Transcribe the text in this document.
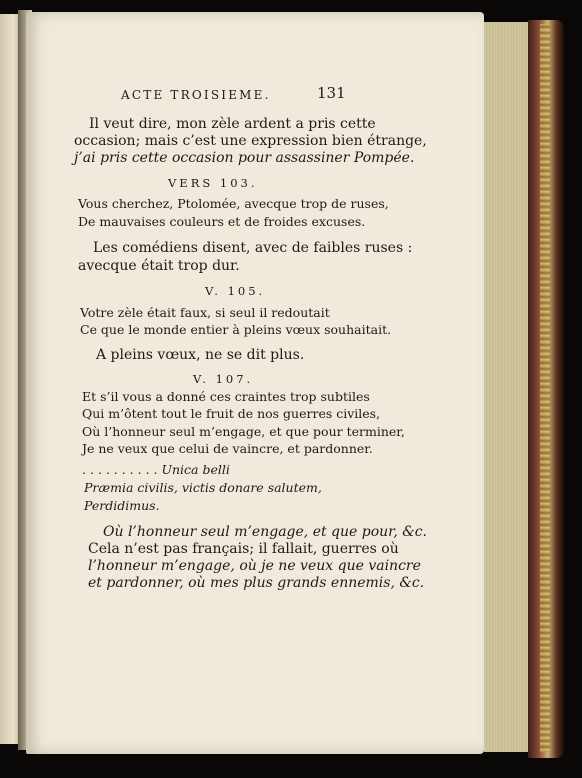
ACTE TROISIEME.	131
Il veut dire, mon zèle ardent a pris cette
occasion; mais c’est une expression bien étrange,
j’ai pris cette occasion pour assassiner Pompée.
VERS 103.
Vous cherchez, Ptolomée, avecque trop de ruses,
De mauvaises couleurs et de froides excuses.
Les comédiens disent, avec de faibles ruses :
avecque était trop dur.
V. 105.
Votre zèle était faux, si seul il redoutait
Ce que le monde entier à pleins vœux souhaitait.
A pleins vœux, ne se dit plus.
V. 107.
Et s’il vous a donné ces craintes trop subtiles
Qui m’ôtent tout le fruit de nos guerres civiles,
Où l’honneur seul m’engage, et que pour terminer,
Je ne veux que celui de vaincre, et pardonner.
. . . . . . . . . . Unica belli
Præmia civilis, victis donare salutem,
Perdidimus.
Où l’honneur seul m’engage, et que pour, &c.
Cela n’est pas français; il fallait, guerres où
l’honneur m’engage, où je ne veux que vaincre
et pardonner, où mes plus grands ennemis, &c.
